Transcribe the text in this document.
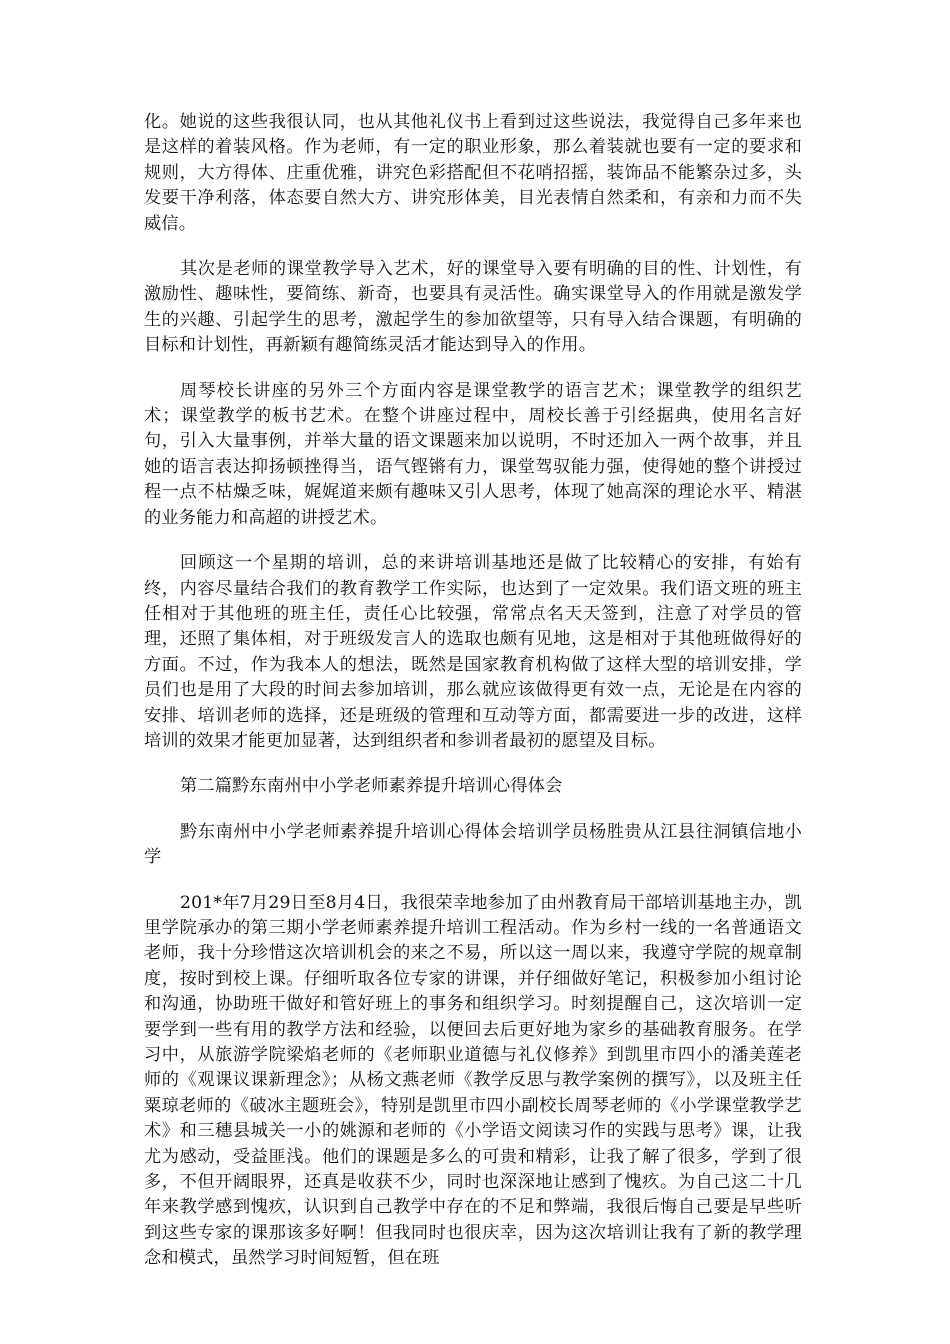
化。她说的这些我很认同，也从其他礼仪书上看到过这些说法，我觉得自己多年来也是这样的着装风格。作为老师，有一定的职业形象，那么着装就也要有一定的要求和规则，大方得体、庄重优雅，讲究色彩搭配但不花哨招摇，装饰品不能繁杂过多，头发要干净利落，体态要自然大方、讲究形体美，目光表情自然柔和，有亲和力而不失威信。

其次是老师的课堂教学导入艺术，好的课堂导入要有明确的目的性、计划性，有激励性、趣味性，要简练、新奇，也要具有灵活性。确实课堂导入的作用就是激发学生的兴趣、引起学生的思考，激起学生的参加欲望等，只有导入结合课题，有明确的目标和计划性，再新颖有趣简练灵活才能达到导入的作用。

周琴校长讲座的另外三个方面内容是课堂教学的语言艺术；课堂教学的组织艺术；课堂教学的板书艺术。在整个讲座过程中，周校长善于引经据典，使用名言好句，引入大量事例，并举大量的语文课题来加以说明，不时还加入一两个故事，并且她的语言表达抑扬顿挫得当，语气铿锵有力，课堂驾驭能力强，使得她的整个讲授过程一点不枯燥乏味，娓娓道来颇有趣味又引人思考，体现了她高深的理论水平、精湛的业务能力和高超的讲授艺术。

回顾这一个星期的培训，总的来讲培训基地还是做了比较精心的安排，有始有终，内容尽量结合我们的教育教学工作实际，也达到了一定效果。我们语文班的班主任相对于其他班的班主任，责任心比较强，常常点名天天签到，注意了对学员的管理，还照了集体相，对于班级发言人的选取也颇有见地，这是相对于其他班做得好的方面。不过，作为我本人的想法，既然是国家教育机构做了这样大型的培训安排，学员们也是用了大段的时间去参加培训，那么就应该做得更有效一点，无论是在内容的安排、培训老师的选择，还是班级的管理和互动等方面，都需要进一步的改进，这样培训的效果才能更加显著，达到组织者和参训者最初的愿望及目标。

第二篇黔东南州中小学老师素养提升培训心得体会

黔东南州中小学老师素养提升培训心得体会培训学员杨胜贵从江县往洞镇信地小学

201*年7月29日至8月4日，我很荣幸地参加了由州教育局干部培训基地主办，凯里学院承办的第三期小学老师素养提升培训工程活动。作为乡村一线的一名普通语文老师，我十分珍惜这次培训机会的来之不易，所以这一周以来，我遵守学院的规章制度，按时到校上课。仔细听取各位专家的讲课，并仔细做好笔记，积极参加小组讨论和沟通，协助班干做好和管好班上的事务和组织学习。时刻提醒自己，这次培训一定要学到一些有用的教学方法和经验，以便回去后更好地为家乡的基础教育服务。在学习中，从旅游学院梁焰老师的《老师职业道德与礼仪修养》到凯里市四小的潘美莲老师的《观课议课新理念》；从杨文燕老师《教学反思与教学案例的撰写》，以及班主任粟琼老师的《破冰主题班会》，特别是凯里市四小副校长周琴老师的《小学课堂教学艺术》和三穗县城关一小的姚源和老师的《小学语文阅读习作的实践与思考》课，让我尤为感动，受益匪浅。他们的课题是多么的可贵和精彩，让我了解了很多，学到了很多，不但开阔眼界，还真是收获不少，同时也深深地让感到了愧疚。为自己这二十几年来教学感到愧疚，认识到自己教学中存在的不足和弊端，我很后悔自己要是早些听到这些专家的课那该多好啊！但我同时也很庆幸，因为这次培训让我有了新的教学理念和模式，虽然学习时间短暂，但在班
